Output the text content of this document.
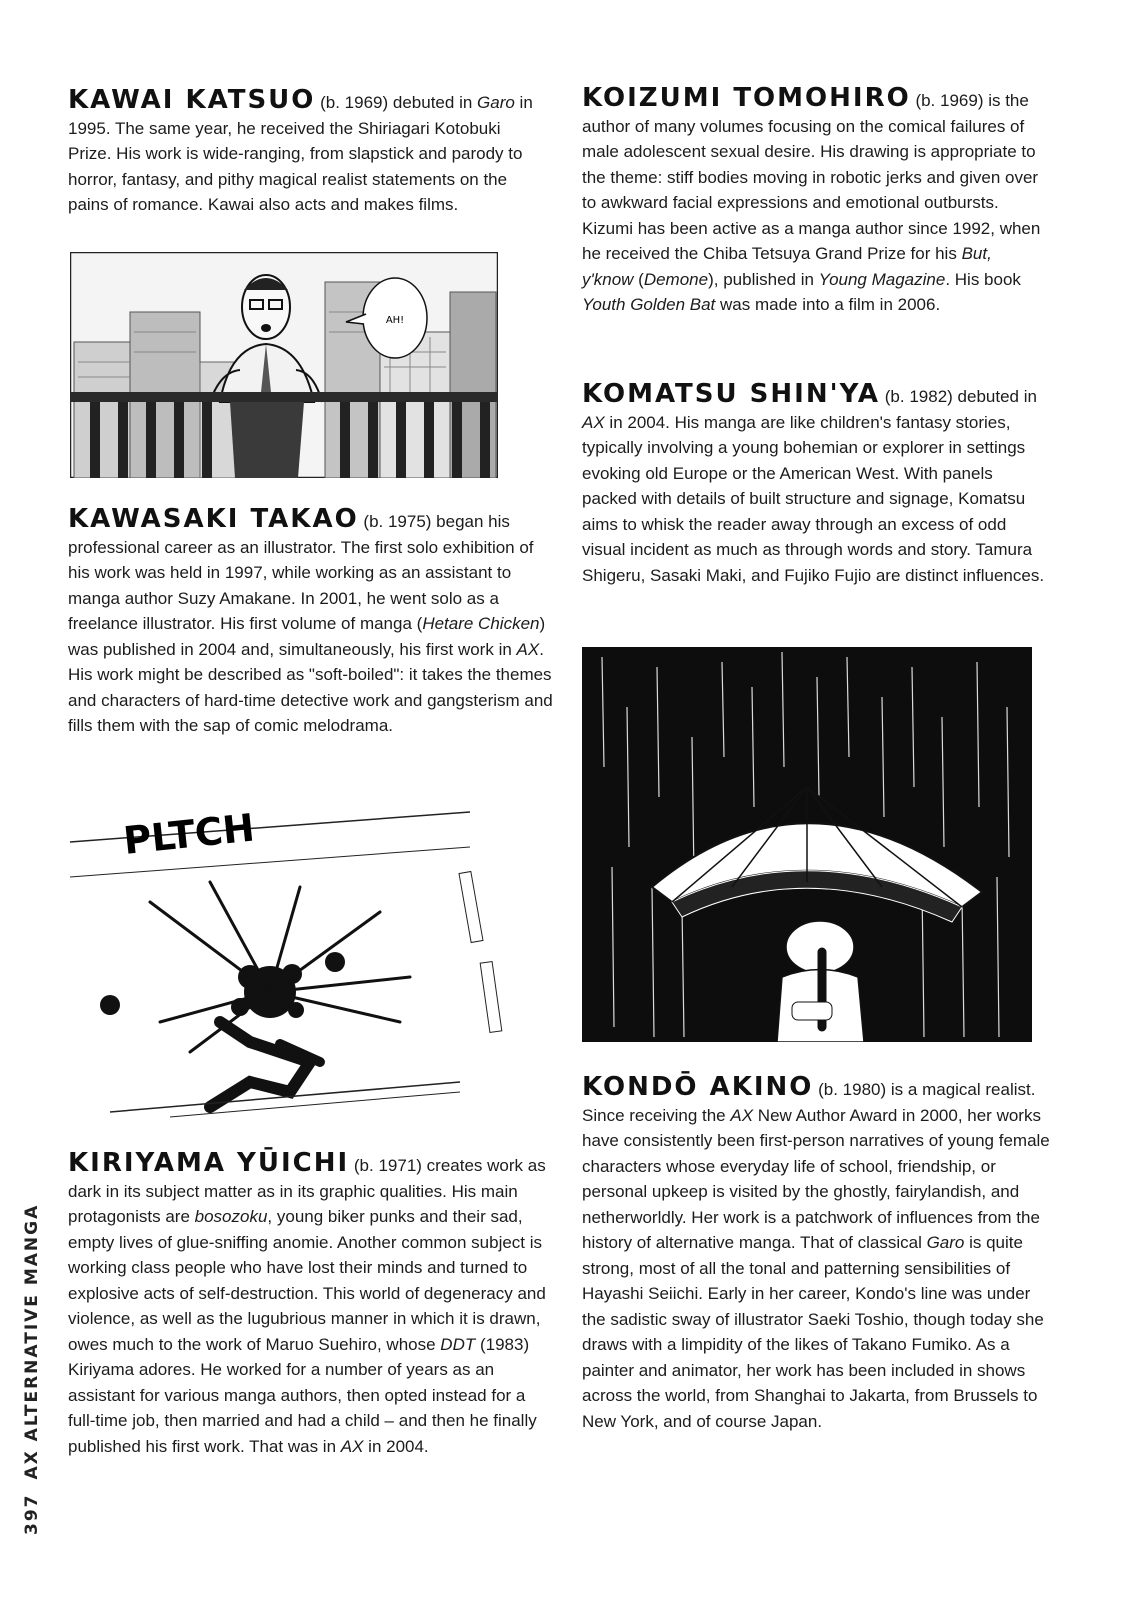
KAWAI KATSUO (b. 1969) debuted in Garo in 1995. The same year, he received the Shiriagari Kotobuki Prize. His work is wide-ranging, from slapstick and parody to horror, fantasy, and pithy magical realist statements on the pains of romance. Kawai also acts and makes films.
KAWASAKI TAKAO (b. 1975) began his professional career as an illustrator. The first solo exhibition of his work was held in 1997, while working as an assistant to manga author Suzy Amakane. In 2001, he went solo as a freelance illustrator. His first volume of manga (Hetare Chicken) was published in 2004 and, simultaneously, his first work in AX. His work might be described as "soft-boiled": it takes the themes and characters of hard-time detective work and gangsterism and fills them with the sap of comic melodrama.
KIRIYAMA YŪICHI (b. 1971) creates work as dark in its subject matter as in its graphic qualities. His main protagonists are bosozoku, young biker punks and their sad, empty lives of glue-sniffing anomie. Another common subject is working class people who have lost their minds and turned to explosive acts of self-destruction. This world of degeneracy and violence, as well as the lugubrious manner in which it is drawn, owes much to the work of Maruo Suehiro, whose DDT (1983) Kiriyama adores. He worked for a number of years as an assistant for various manga authors, then opted instead for a full-time job, then married and had a child – and then he finally published his first work. That was in AX in 2004.
KOIZUMI TOMOHIRO (b. 1969) is the author of many volumes focusing on the comical failures of male adolescent sexual desire. His drawing is appropriate to the theme: stiff bodies moving in robotic jerks and given over to awkward facial expressions and emotional outbursts. Kizumi has been active as a manga author since 1992, when he received the Chiba Tetsuya Grand Prize for his But, y'know (Demone), published in Young Magazine. His book Youth Golden Bat was made into a film in 2006.
KOMATSU SHIN'YA (b. 1982) debuted in AX in 2004. His manga are like children's fantasy stories, typically involving a young bohemian or explorer in settings evoking old Europe or the American West. With panels packed with details of built structure and signage, Komatsu aims to whisk the reader away through an excess of odd visual incident as much as through words and story. Tamura Shigeru, Sasaki Maki, and Fujiko Fujio are distinct influences.
KONDŌ AKINO (b. 1980) is a magical realist. Since receiving the AX New Author Award in 2000, her works have consistently been first-person narratives of young female characters whose everyday life of school, friendship, or personal upkeep is visited by the ghostly, fairylandish, and netherworldly. Her work is a patchwork of influences from the history of alternative manga. That of classical Garo is quite strong, most of all the tonal and patterning sensibilities of Hayashi Seiichi. Early in her career, Kondo's line was under the sadistic sway of illustrator Saeki Toshio, though today she draws with a limpidity of the likes of Takano Fumiko. As a painter and animator, her work has been included in shows across the world, from Shanghai to Jakarta, from Brussels to New York, and of course Japan.
AH!
PLTCH
397AX ALTERNATIVE MANGA
